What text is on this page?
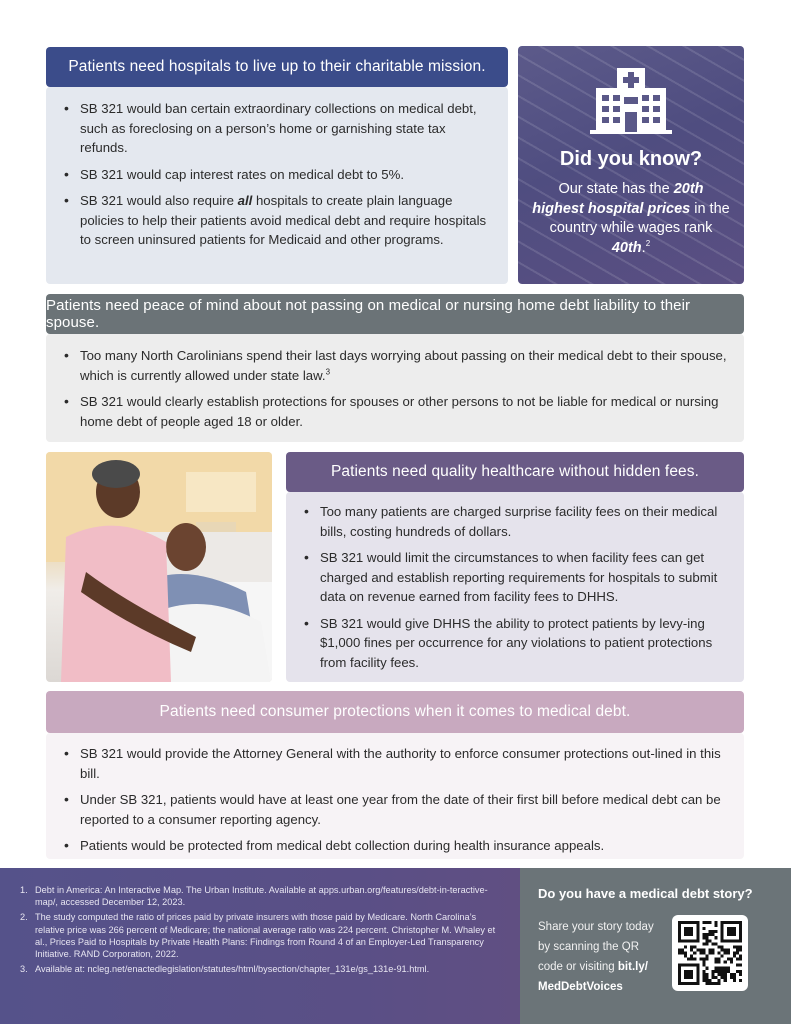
Patients need hospitals to live up to their charitable mission.
• SB 321 would ban certain extraordinary collections on medical debt, such as foreclosing on a person’s home or garnishing state tax refunds.
• SB 321 would cap interest rates on medical debt to 5%.
• SB 321 would also require all hospitals to create plain language policies to help their patients avoid medical debt and require hospitals to screen uninsured patients for Medicaid and other programs.
Did you know?
Our state has the 20th highest hospital prices in the country while wages rank 40th.$^2$
Patients need peace of mind about not passing on medical or nursing home debt liability to their spouse.
• Too many North Carolinians spend their last days worrying about passing on their medical debt to their spouse, which is currently allowed under state law.$^3$
• SB 321 would clearly establish protections for spouses or other persons to not be liable for medical or nursing home debt of people aged 18 or older.
Patients need quality healthcare without hidden fees.
• Too many patients are charged surprise facility fees on their medical bills, costing hundreds of dollars.
• SB 321 would limit the circumstances to when facility fees can get charged and establish reporting requirements for hospitals to submit data on revenue earned from facility fees to DHHS.
• SB 321 would give DHHS the ability to protect patients by levy-ing $1,000 fines per occurrence for any violations to patient protections from facility fees.
Patients need consumer protections when it comes to medical debt.
• SB 321 would provide the Attorney General with the authority to enforce consumer protections out-lined in this bill.
• Under SB 321, patients would have at least one year from the date of their first bill before medical debt can be reported to a consumer reporting agency.
• Patients would be protected from medical debt collection during health insurance appeals.
1. Debt in America: An Interactive Map. The Urban Institute. Available at apps.urban.org/features/debt-in-teractive-map/, accessed December 12, 2023.
2. The study computed the ratio of prices paid by private insurers with those paid by Medicare. North Carolina’s relative price was 266 percent of Medicare; the national average ratio was 224 percent. Christopher M. Whaley et al., Prices Paid to Hospitals by Private Health Plans: Findings from Round 4 of an Employer-Led Transparency Initiative. RAND Corporation, 2022.
3. Available at: ncleg.net/enactedlegislation/statutes/html/bysection/chapter_131e/gs_131e-91.html.
Do you have a medical debt story?
Share your story today by scanning the QR code or visiting bit.ly/ MedDebtVoices
